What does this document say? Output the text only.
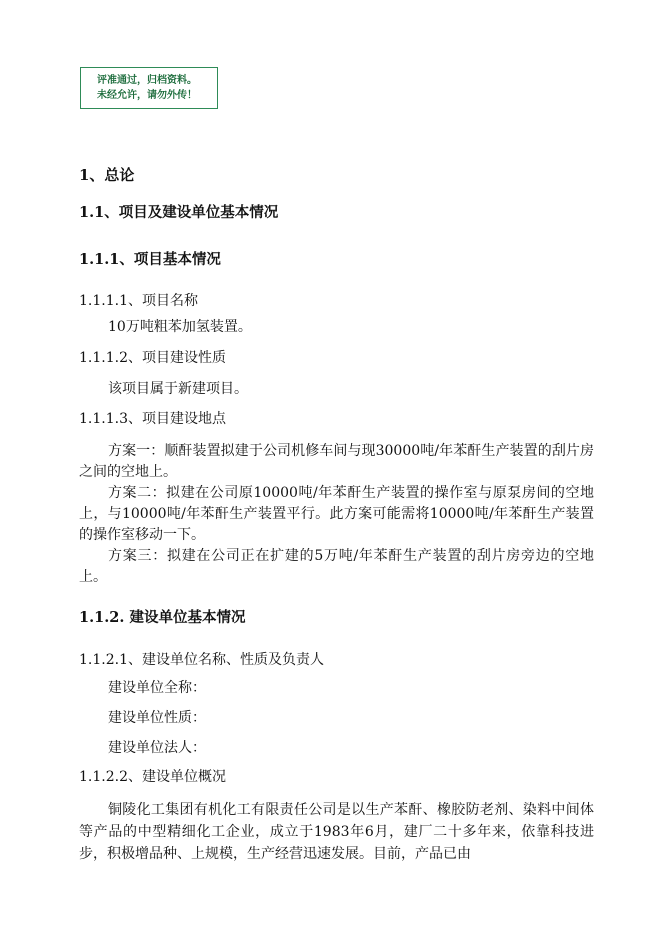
评准通过，归档资料。
未经允许，请勿外传！
1、总论
1.1、项目及建设单位基本情况
1.1.1、项目基本情况
1.1.1.1、项目名称
10万吨粗苯加氢装置。
1.1.1.2、项目建设性质
该项目属于新建项目。
1.1.1.3、项目建设地点
方案一：顺酐装置拟建于公司机修车间与现30000吨/年苯酐生产装置的刮片房之间的空地上。
方案二：拟建在公司原10000吨/年苯酐生产装置的操作室与原泵房间的空地上，与10000吨/年苯酐生产装置平行。此方案可能需将10000吨/年苯酐生产装置的操作室移动一下。
方案三：拟建在公司正在扩建的5万吨/年苯酐生产装置的刮片房旁边的空地上。
1.1.2. 建设单位基本情况
1.1.2.1、建设单位名称、性质及负责人
建设单位全称：
建设单位性质：
建设单位法人：
1.1.2.2、建设单位概况
铜陵化工集团有机化工有限责任公司是以生产苯酐、橡胶防老剂、染料中间体等产品的中型精细化工企业，成立于1983年6月，建厂二十多年来，依靠科技进步，积极增品种、上规模，生产经营迅速发展。目前，产品已由
